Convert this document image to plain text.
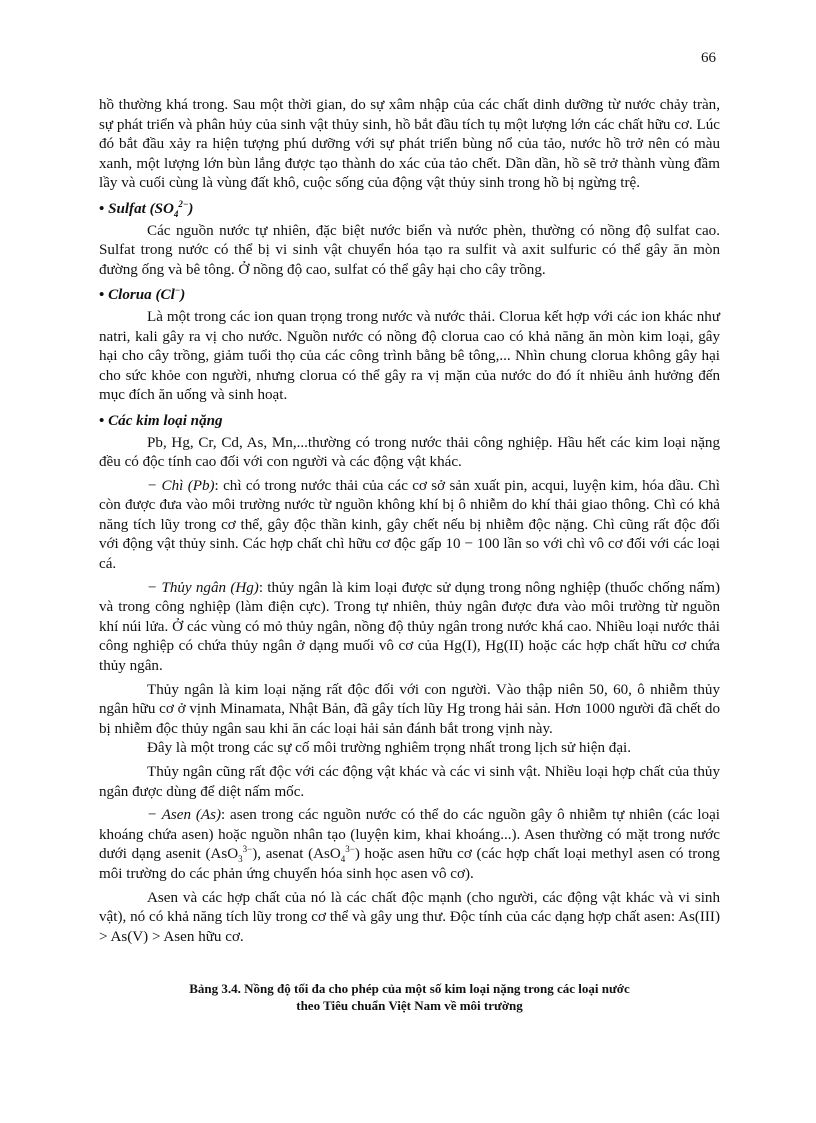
66

hồ thường khá trong. Sau một thời gian, do sự xâm nhập của các chất dinh dưỡng từ nước chảy tràn, sự phát triển và phân hủy của sinh vật thủy sinh, hồ bắt đầu tích tụ một lượng lớn các chất hữu cơ. Lúc đó bắt đầu xảy ra hiện tượng phú dưỡng với sự phát triển bùng nổ của tảo, nước hồ trở nên có màu xanh, một lượng lớn bùn lắng được tạo thành do xác của tảo chết. Dần dần, hồ sẽ trở thành vùng đầm lầy và cuối cùng là vùng đất khô, cuộc sống của động vật thủy sinh trong hồ bị ngừng trệ.

• Sulfat $(SO_4^{2-})$

Các nguồn nước tự nhiên, đặc biệt nước biển và nước phèn, thường có nồng độ sulfat cao. Sulfat trong nước có thể bị vi sinh vật chuyển hóa tạo ra sulfit và axit sulfuric có thể gây ăn mòn đường ống và bê tông. Ở nồng độ cao, sulfat có thể gây hại cho cây trồng.

• Clorua (Cl−)

Là một trong các ion quan trọng trong nước và nước thải. Clorua kết hợp với các ion khác như natri, kali gây ra vị cho nước. Nguồn nước có nồng độ clorua cao có khả năng ăn mòn kim loại, gây hại cho cây trồng, giảm tuổi thọ của các công trình bằng bê tông,... Nhìn chung clorua không gây hại cho sức khỏe con người, nhưng clorua có thể gây ra vị mặn của nước do đó ít nhiều ảnh hưởng đến mục đích ăn uống và sinh hoạt.

• Các kim loại nặng

Pb, Hg, Cr, Cd, As, Mn,...thường có trong nước thải công nghiệp. Hầu hết các kim loại nặng đều có độc tính cao đối với con người và các động vật khác.

− Chì (Pb): chì có trong nước thải của các cơ sở sản xuất pin, acqui, luyện kim, hóa dầu. Chì còn được đưa vào môi trường nước từ nguồn không khí bị ô nhiễm do khí thải giao thông. Chì có khả năng tích lũy trong cơ thể, gây độc thần kinh, gây chết nếu bị nhiễm độc nặng. Chì cũng rất độc đối với động vật thủy sinh. Các hợp chất chì hữu cơ độc gấp 10 − 100 lần so với chì vô cơ đối với các loại cá.

− Thủy ngân (Hg): thủy ngân là kim loại được sử dụng trong nông nghiệp (thuốc chống nấm) và trong công nghiệp (làm điện cực). Trong tự nhiên, thủy ngân được đưa vào môi trường từ nguồn khí núi lửa. Ở các vùng có mỏ thủy ngân, nồng độ thủy ngân trong nước khá cao. Nhiều loại nước thải công nghiệp có chứa thủy ngân ở dạng muối vô cơ của Hg(I), Hg(II) hoặc các hợp chất hữu cơ chứa thủy ngân.

Thủy ngân là kim loại nặng rất độc đối với con người. Vào thập niên 50, 60, ô nhiễm thủy ngân hữu cơ ở vịnh Minamata, Nhật Bản, đã gây tích lũy Hg trong hải sản. Hơn 1000 người đã chết do bị nhiễm độc thủy ngân sau khi ăn các loại hải sản đánh bắt trong vịnh này.

Đây là một trong các sự cố môi trường nghiêm trọng nhất trong lịch sử hiện đại.

Thủy ngân cũng rất độc với các động vật khác và các vi sinh vật. Nhiều loại hợp chất của thủy ngân được dùng để diệt nấm mốc.

− Asen (As): asen trong các nguồn nước có thể do các nguồn gây ô nhiễm tự nhiên (các loại khoáng chứa asen) hoặc nguồn nhân tạo (luyện kim, khai khoáng...). Asen thường có mặt trong nước dưới dạng asenit (AsO$_3^{3-}$), asenat (AsO$_4^{3-}$) hoặc asen hữu cơ (các hợp chất loại methyl asen có trong môi trường do các phản ứng chuyển hóa sinh học asen vô cơ).

Asen và các hợp chất của nó là các chất độc mạnh (cho người, các động vật khác và vi sinh vật), nó có khả năng tích lũy trong cơ thể và gây ung thư. Độc tính của các dạng hợp chất asen: As(III) > As(V) > Asen hữu cơ.

Bảng 3.4. Nồng độ tối đa cho phép của một số kim loại nặng trong các loại nước
theo Tiêu chuẩn Việt Nam về môi trường
